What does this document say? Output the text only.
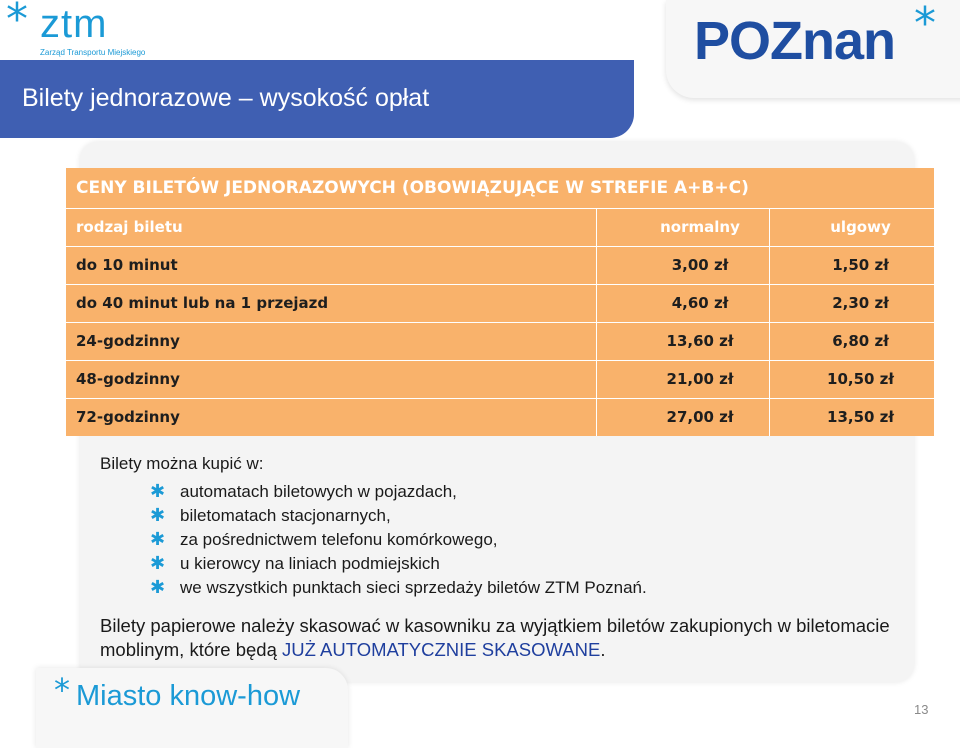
* ztm
Zarząd Transportu Miejskiego	POZnan *
Bilety jednorazowe – wysokość opłat
CENY BILETÓW JEDNORAZOWYCH (OBOWIĄZUJĄCE W STREFIE A+B+C)
rodzaj biletu	normalny	ulgowy
do 10 minut	3,00 zł	1,50 zł
do 40 minut lub na 1 przejazd	4,60 zł	2,30 zł
24-godzinny	13,60 zł	6,80 zł
48-godzinny	21,00 zł	10,50 zł
72-godzinny	27,00 zł	13,50 zł
Bilety można kupić w:
✱ automatach biletowych w pojazdach,
✱ biletomatach stacjonarnych,
✱ za pośrednictwem telefonu komórkowego,
✱ u kierowcy na liniach podmiejskich
✱ we wszystkich punktach sieci sprzedaży biletów ZTM Poznań.
Bilety papierowe należy skasować w kasowniku za wyjątkiem biletów zakupionych w biletomacie moblinym, które będą JUŻ AUTOMATYCZNIE SKASOWANE.
* Miasto know-how	13
